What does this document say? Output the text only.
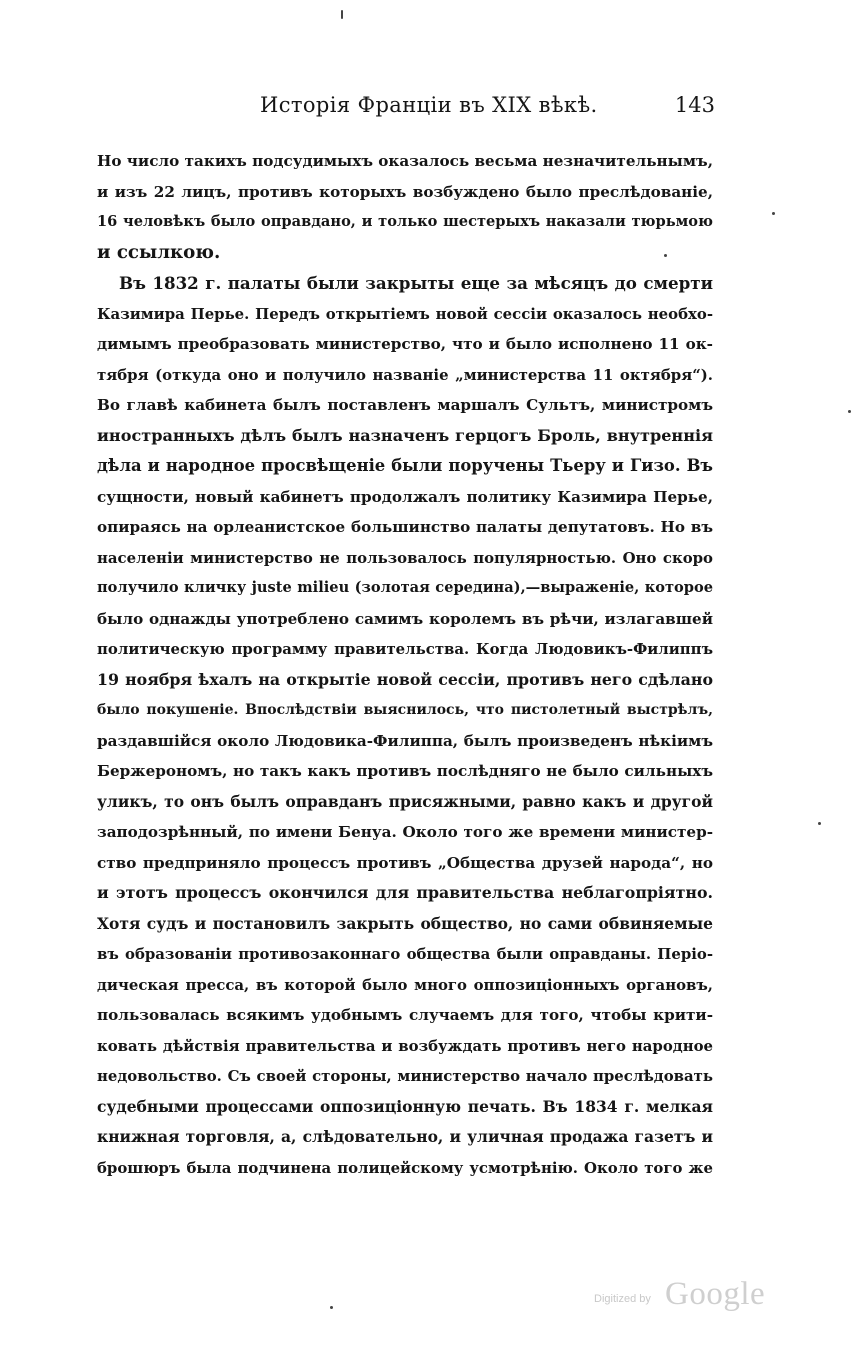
Исторія Франціи въ XIX вѣкѣ.	143
Но число такихъ подсудимыхъ оказалось весьма незначительнымъ,
и изъ 22 лицъ, противъ которыхъ возбуждено было преслѣдованіе,
16 человѣкъ было оправдано, и только шестерыхъ наказали тюрьмою
и ссылкою.
Въ 1832 г. палаты были закрыты еще за мѣсяцъ до смерти
Казимира Перье. Передъ открытіемъ новой сессіи оказалось необхо-
димымъ преобразовать министерство, что и было исполнено 11 ок-
тября (откуда оно и получило названіе „министерства 11 октября“).
Во главѣ кабинета былъ поставленъ маршалъ Сультъ, министромъ
иностранныхъ дѣлъ былъ назначенъ герцогъ Броль, внутреннія
дѣла и народное просвѣщеніе были поручены Тьеру и Гизо. Въ
сущности, новый кабинетъ продолжалъ политику Казимира Перье,
опираясь на орлеанистское большинство палаты депутатовъ. Но въ
населеніи министерство не пользовалось популярностью. Оно скоро
получило кличку juste milieu (золотая середина),—выраженіе, которое
было однажды употреблено самимъ королемъ въ рѣчи, излагавшей
политическую программу правительства. Когда Людовикъ-Филиппъ
19 ноября ѣхалъ на открытіе новой сессіи, противъ него сдѣлано
было покушеніе. Впослѣдствіи выяснилось, что пистолетный выстрѣлъ,
раздавшійся около Людовика-Филиппа, былъ произведенъ нѣкіимъ
Бержерономъ, но такъ какъ противъ послѣдняго не было сильныхъ
уликъ, то онъ былъ оправданъ присяжными, равно какъ и другой
заподозрѣнный, по имени Бенуа. Около того же времени министер-
ство предприняло процессъ противъ „Общества друзей народа“, но
и этотъ процессъ окончился для правительства неблагопріятно.
Хотя судъ и постановилъ закрыть общество, но сами обвиняемые
въ образованіи противозаконнаго общества были оправданы. Періо-
дическая пресса, въ которой было много оппозиціонныхъ органовъ,
пользовалась всякимъ удобнымъ случаемъ для того, чтобы крити-
ковать дѣйствія правительства и возбуждать противъ него народное
недовольство. Съ своей стороны, министерство начало преслѣдовать
судебными процессами оппозиціонную печать. Въ 1834 г. мелкая
книжная торговля, а, слѣдовательно, и уличная продажа газетъ и
брошюръ была подчинена полицейскому усмотрѣнію. Около того же
Digitized by Google
